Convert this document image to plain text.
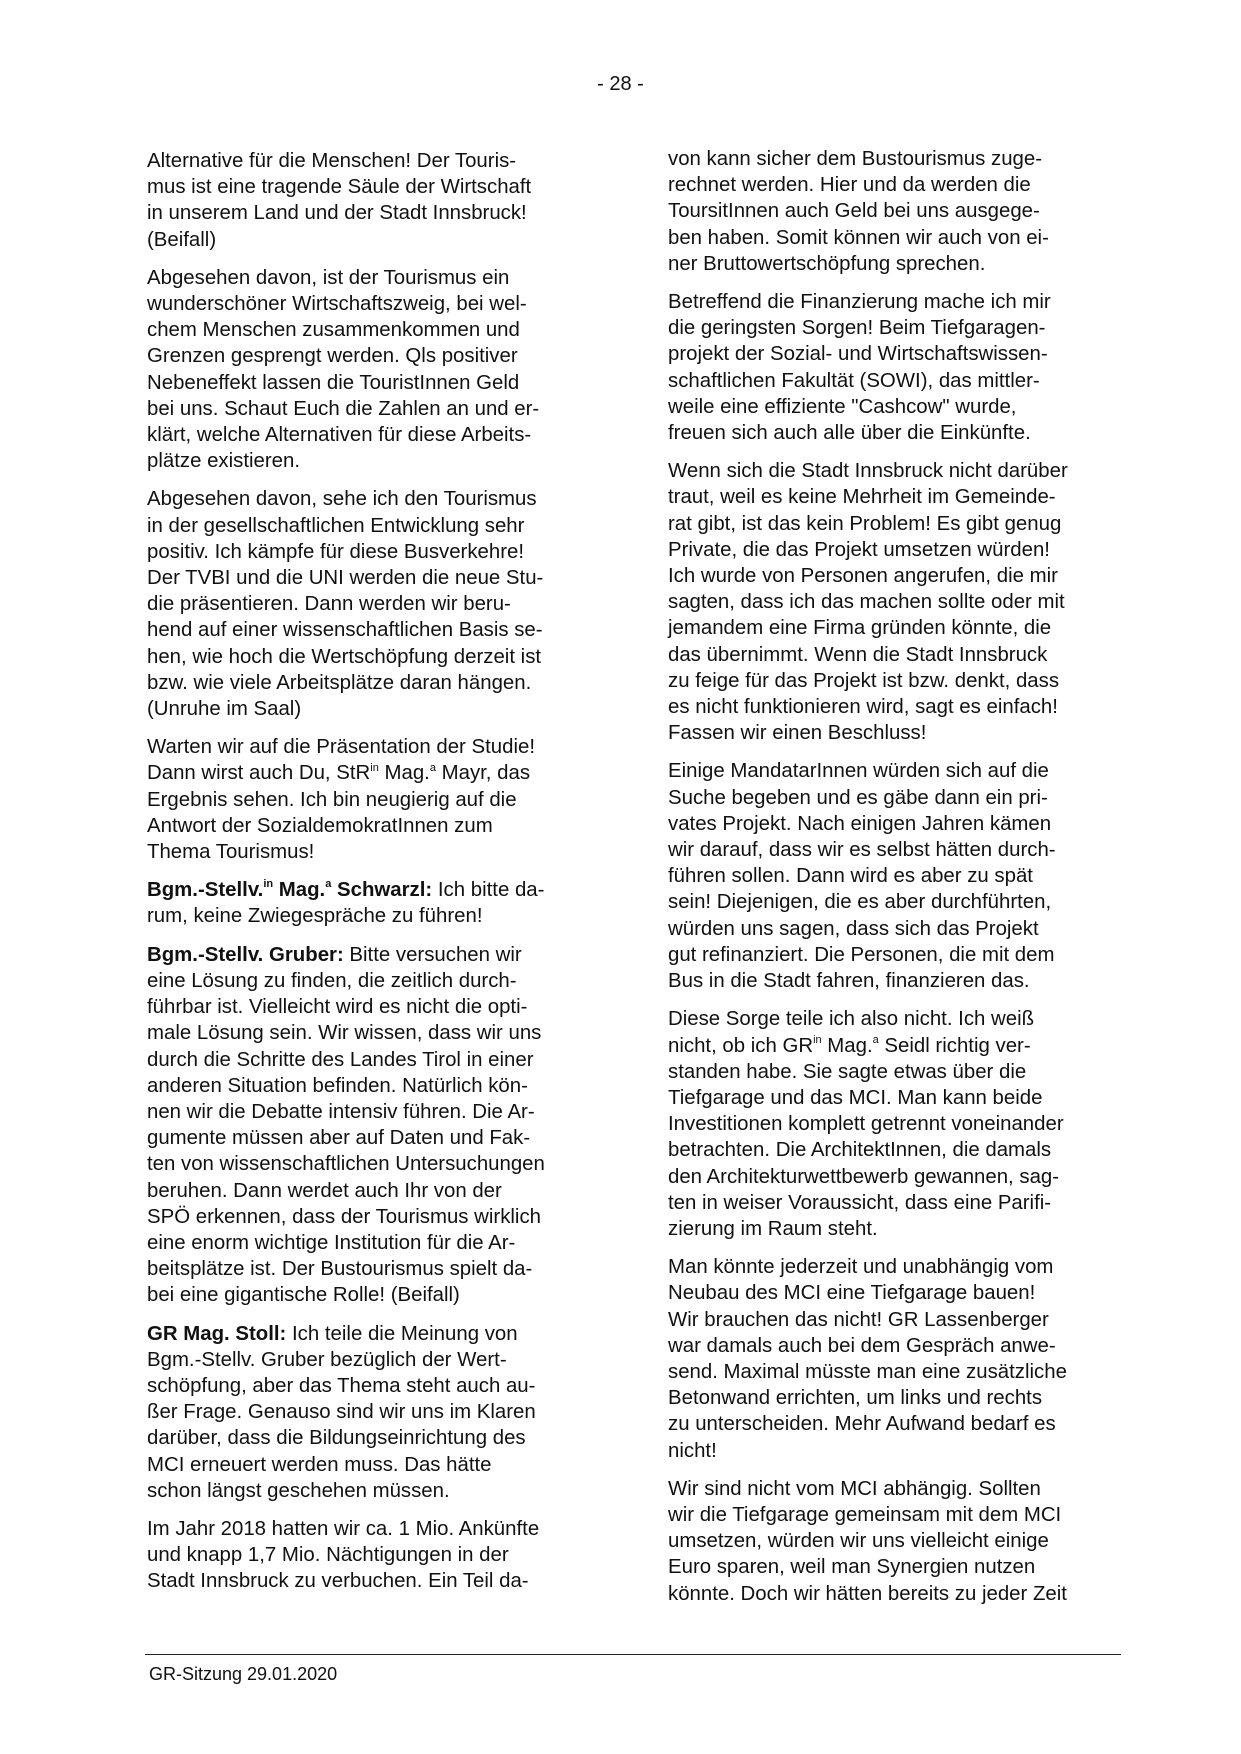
- 28 -

Alternative für die Menschen! Der Touris-
mus ist eine tragende Säule der Wirtschaft
in unserem Land und der Stadt Innsbruck!
(Beifall)

Abgesehen davon, ist der Tourismus ein
wunderschöner Wirtschaftszweig, bei wel-
chem Menschen zusammenkommen und
Grenzen gesprengt werden. Qls positiver
Nebeneffekt lassen die TouristInnen Geld
bei uns. Schaut Euch die Zahlen an und er-
klärt, welche Alternativen für diese Arbeits-
plätze existieren.

Abgesehen davon, sehe ich den Tourismus
in der gesellschaftlichen Entwicklung sehr
positiv. Ich kämpfe für diese Busverkehre!
Der TVBI und die UNI werden die neue Stu-
die präsentieren. Dann werden wir beru-
hend auf einer wissenschaftlichen Basis se-
hen, wie hoch die Wertschöpfung derzeit ist
bzw. wie viele Arbeitsplätze daran hängen.
(Unruhe im Saal)

Warten wir auf die Präsentation der Studie!
Dann wirst auch Du, StR$^{in}$ Mag.$^a$ Mayr, das
Ergebnis sehen. Ich bin neugierig auf die
Antwort der SozialdemokratInnen zum
Thema Tourismus!

Bgm.-Stellv.$^{in}$ Mag.$^a$ Schwarzl: Ich bitte da-
rum, keine Zwiegespräche zu führen!

Bgm.-Stellv. Gruber: Bitte versuchen wir
eine Lösung zu finden, die zeitlich durch-
führbar ist. Vielleicht wird es nicht die opti-
male Lösung sein. Wir wissen, dass wir uns
durch die Schritte des Landes Tirol in einer
anderen Situation befinden. Natürlich kön-
nen wir die Debatte intensiv führen. Die Ar-
gumente müssen aber auf Daten und Fak-
ten von wissenschaftlichen Untersuchungen
beruhen. Dann werdet auch Ihr von der
SPÖ erkennen, dass der Tourismus wirklich
eine enorm wichtige Institution für die Ar-
beitsplätze ist. Der Bustourismus spielt da-
bei eine gigantische Rolle! (Beifall)

GR Mag. Stoll: Ich teile die Meinung von
Bgm.-Stellv. Gruber bezüglich der Wert-
schöpfung, aber das Thema steht auch au-
ßer Frage. Genauso sind wir uns im Klaren
darüber, dass die Bildungseinrichtung des
MCI erneuert werden muss. Das hätte
schon längst geschehen müssen.

Im Jahr 2018 hatten wir ca. 1 Mio. Ankünfte
und knapp 1,7 Mio. Nächtigungen in der
Stadt Innsbruck zu verbuchen. Ein Teil da-

von kann sicher dem Bustourismus zuge-
rechnet werden. Hier und da werden die
ToursitInnen auch Geld bei uns ausgege-
ben haben. Somit können wir auch von ei-
ner Bruttowertschöpfung sprechen.

Betreffend die Finanzierung mache ich mir
die geringsten Sorgen! Beim Tiefgaragen-
projekt der Sozial- und Wirtschaftswissen-
schaftlichen Fakultät (SOWI), das mittler-
weile eine effiziente "Cashcow" wurde,
freuen sich auch alle über die Einkünfte.

Wenn sich die Stadt Innsbruck nicht darüber
traut, weil es keine Mehrheit im Gemeinde-
rat gibt, ist das kein Problem! Es gibt genug
Private, die das Projekt umsetzen würden!
Ich wurde von Personen angerufen, die mir
sagten, dass ich das machen sollte oder mit
jemandem eine Firma gründen könnte, die
das übernimmt. Wenn die Stadt Innsbruck
zu feige für das Projekt ist bzw. denkt, dass
es nicht funktionieren wird, sagt es einfach!
Fassen wir einen Beschluss!

Einige MandatarInnen würden sich auf die
Suche begeben und es gäbe dann ein pri-
vates Projekt. Nach einigen Jahren kämen
wir darauf, dass wir es selbst hätten durch-
führen sollen. Dann wird es aber zu spät
sein! Diejenigen, die es aber durchführten,
würden uns sagen, dass sich das Projekt
gut refinanziert. Die Personen, die mit dem
Bus in die Stadt fahren, finanzieren das.

Diese Sorge teile ich also nicht. Ich weiß
nicht, ob ich $GR^{in}$ Mag.$^a$ Seidl richtig ver-
standen habe. Sie sagte etwas über die
Tiefgarage und das MCI. Man kann beide
Investitionen komplett getrennt voneinander
betrachten. Die ArchitektInnen, die damals
den Architekturwettbewerb gewannen, sag-
ten in weiser Voraussicht, dass eine Parifi-
zierung im Raum steht.

Man könnte jederzeit und unabhängig vom
Neubau des MCI eine Tiefgarage bauen!
Wir brauchen das nicht! GR Lassenberger
war damals auch bei dem Gespräch anwe-
send. Maximal müsste man eine zusätzliche
Betonwand errichten, um links und rechts
zu unterscheiden. Mehr Aufwand bedarf es
nicht!

Wir sind nicht vom MCI abhängig. Sollten
wir die Tiefgarage gemeinsam mit dem MCI
umsetzen, würden wir uns vielleicht einige
Euro sparen, weil man Synergien nutzen
könnte. Doch wir hätten bereits zu jeder Zeit

GR-Sitzung 29.01.2020
